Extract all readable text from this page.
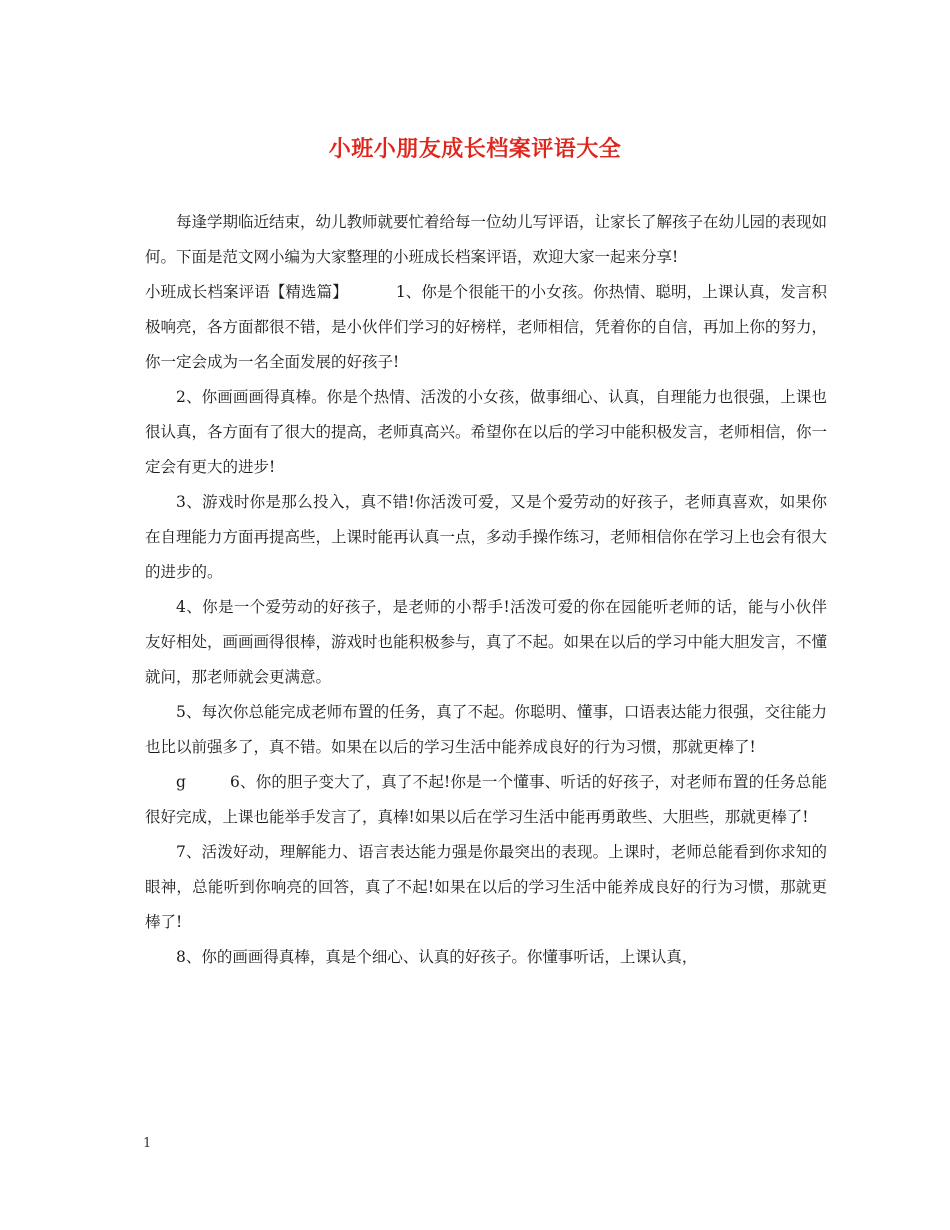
小班小朋友成长档案评语大全

每逢学期临近结束，幼儿教师就要忙着给每一位幼儿写评语，让家长了解孩子在幼儿园的表现如何。下面是范文网小编为大家整理的小班成长档案评语，欢迎大家一起来分享!

小班成长档案评语【精选篇】	1、你是个很能干的小女孩。你热情、聪明，上课认真，发言积极响亮，各方面都很不错，是小伙伴们学习的好榜样，老师相信，凭着你的自信，再加上你的努力，你一定会成为一名全面发展的好孩子!

2、你画画画得真棒。你是个热情、活泼的小女孩，做事细心、认真，自理能力也很强，上课也很认真，各方面有了很大的提高，老师真高兴。希望你在以后的学习中能积极发言，老师相信，你一定会有更大的进步!

3、游戏时你是那么投入，真不错!你活泼可爱，又是个爱劳动的好孩子，老师真喜欢，如果你在自理能力方面再提高些，上课时能再认真一点，多动手操作练习，老师相信你在学习上也会有很大的进步的。

4、你是一个爱劳动的好孩子，是老师的小帮手!活泼可爱的你在园能听老师的话，能与小伙伴友好相处，画画画得很棒，游戏时也能积极参与，真了不起。如果在以后的学习中能大胆发言，不懂就问，那老师就会更满意。

5、每次你总能完成老师布置的任务，真了不起。你聪明、懂事，口语表达能力很强，交往能力也比以前强多了，真不错。如果在以后的学习生活中能养成良好的行为习惯，那就更棒了!

g	6、你的胆子变大了，真了不起!你是一个懂事、听话的好孩子，对老师布置的任务总能很好完成，上课也能举手发言了，真棒!如果以后在学习生活中能再勇敢些、大胆些，那就更棒了!

7、活泼好动，理解能力、语言表达能力强是你最突出的表现。上课时，老师总能看到你求知的眼神，总能听到你响亮的回答，真了不起!如果在以后的学习生活中能养成良好的行为习惯，那就更棒了!

8、你的画画得真棒，真是个细心、认真的好孩子。你懂事听话，上课认真，

1
